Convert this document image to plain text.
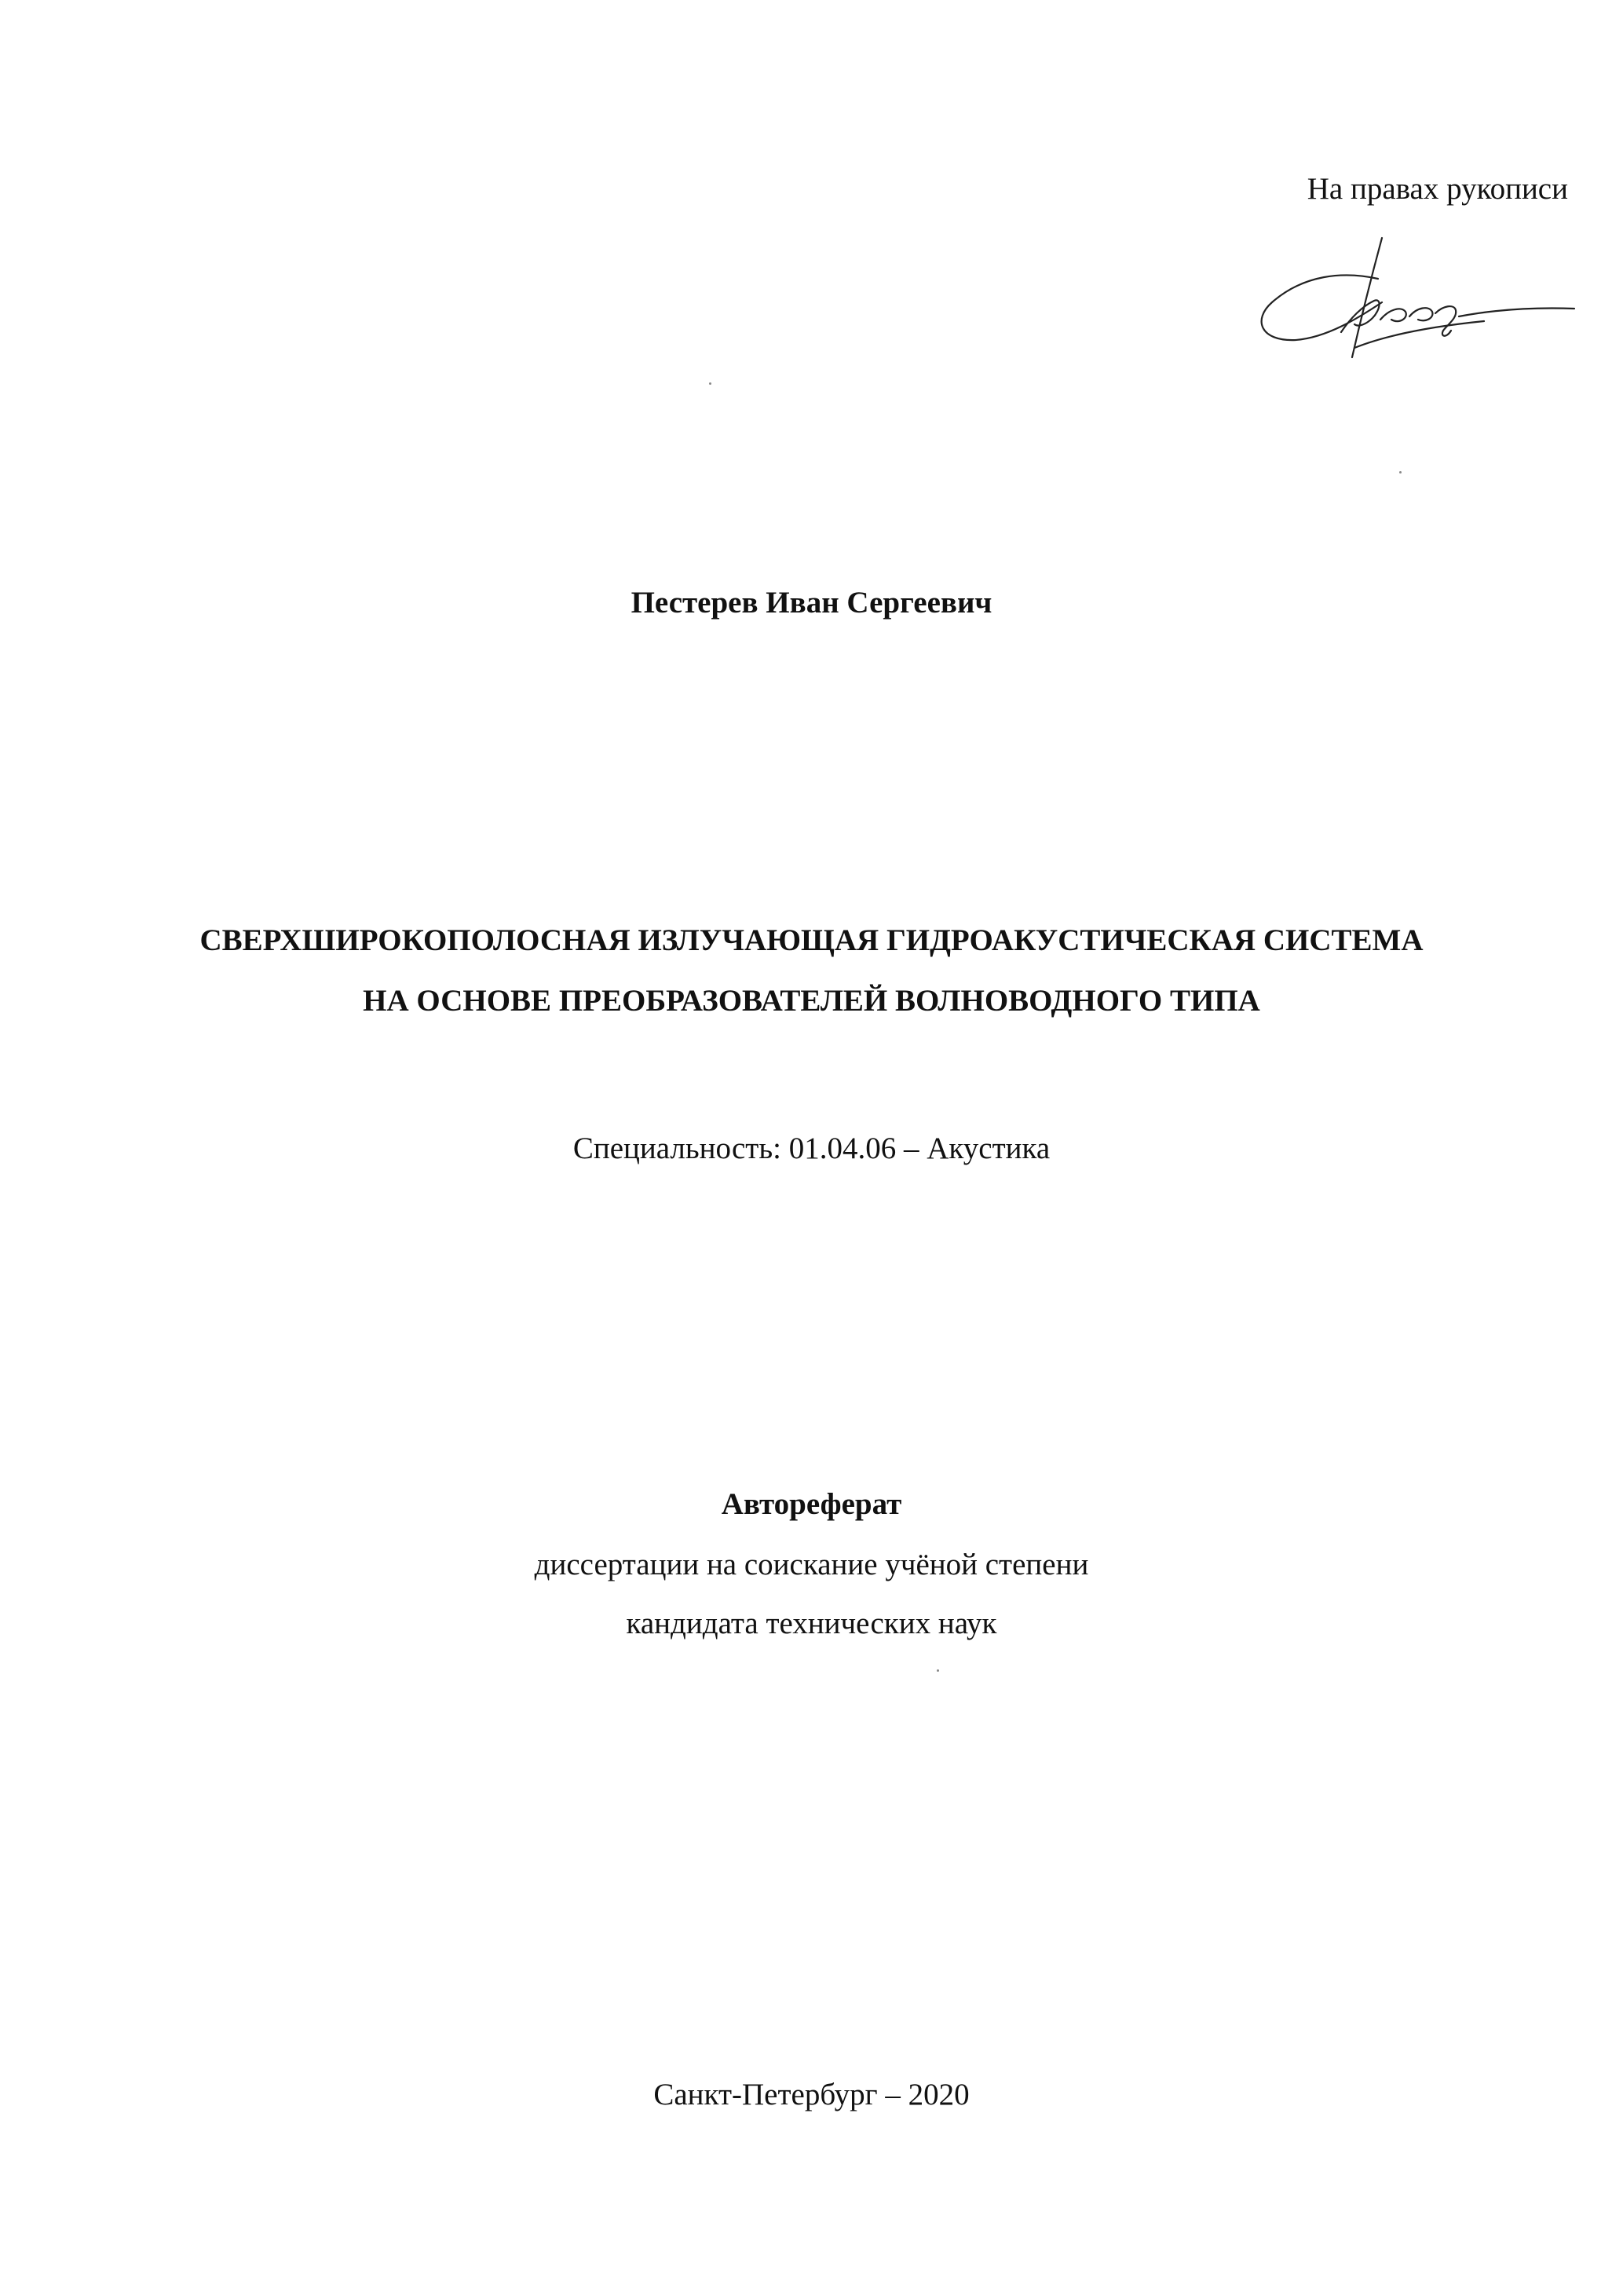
На правах рукописи
Пестерев Иван Сергеевич
СВЕРХШИРОКОПОЛОСНАЯ ИЗЛУЧАЮЩАЯ ГИДРОАКУСТИЧЕСКАЯ СИСТЕМА
НА ОСНОВЕ ПРЕОБРАЗОВАТЕЛЕЙ ВОЛНОВОДНОГО ТИПА
Специальность: 01.04.06 – Акустика
Автореферат
диссертации на соискание учёной степени
кандидата технических наук
Санкт-Петербург – 2020
